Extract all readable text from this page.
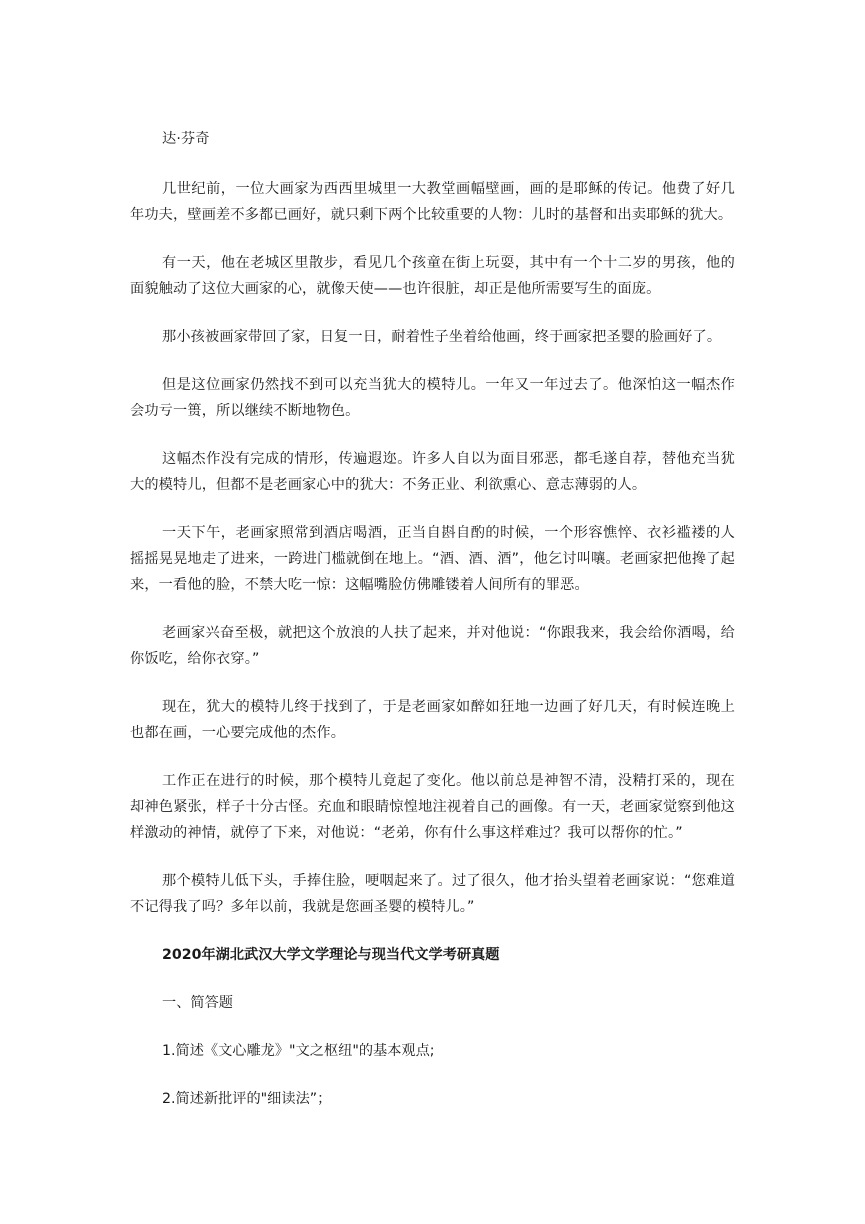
达·芬奇

几世纪前，一位大画家为西西里城里一大教堂画幅壁画，画的是耶稣的传记。他费了好几年功夫，壁画差不多都已画好，就只剩下两个比较重要的人物：儿时的基督和出卖耶稣的犹大。

有一天，他在老城区里散步，看见几个孩童在街上玩耍，其中有一个十二岁的男孩，他的面貌触动了这位大画家的心，就像天使——也许很脏，却正是他所需要写生的面庞。

那小孩被画家带回了家，日复一日，耐着性子坐着给他画，终于画家把圣婴的脸画好了。

但是这位画家仍然找不到可以充当犹大的模特儿。一年又一年过去了。他深怕这一幅杰作会功亏一篑，所以继续不断地物色。

这幅杰作没有完成的情形，传遍遐迩。许多人自以为面目邪恶，都毛遂自荐，替他充当犹大的模特儿，但都不是老画家心中的犹大：不务正业、利欲熏心、意志薄弱的人。

一天下午，老画家照常到酒店喝酒，正当自斟自酌的时候，一个形容憔悴、衣衫褴褛的人摇摇晃晃地走了进来，一跨进门槛就倒在地上。“酒、酒、酒”，他乞讨叫嚷。老画家把他搀了起来，一看他的脸，不禁大吃一惊：这幅嘴脸仿佛雕镂着人间所有的罪恶。

老画家兴奋至极，就把这个放浪的人扶了起来，并对他说：“你跟我来，我会给你酒喝，给你饭吃，给你衣穿。”

现在，犹大的模特儿终于找到了，于是老画家如醉如狂地一边画了好几天，有时候连晚上也都在画，一心要完成他的杰作。

工作正在进行的时候，那个模特儿竟起了变化。他以前总是神智不清，没精打采的，现在却神色紧张，样子十分古怪。充血和眼睛惊惶地注视着自己的画像。有一天，老画家觉察到他这样激动的神情，就停了下来，对他说：“老弟，你有什么事这样难过？我可以帮你的忙。”

那个模特儿低下头，手捧住脸，哽咽起来了。过了很久，他才抬头望着老画家说：“您难道不记得我了吗？多年以前，我就是您画圣婴的模特儿。”

2020年湖北武汉大学文学理论与现当代文学考研真题

一、简答题

1.简述《文心雕龙》"文之枢纽"的基本观点;

2.简述新批评的"细读法”；
